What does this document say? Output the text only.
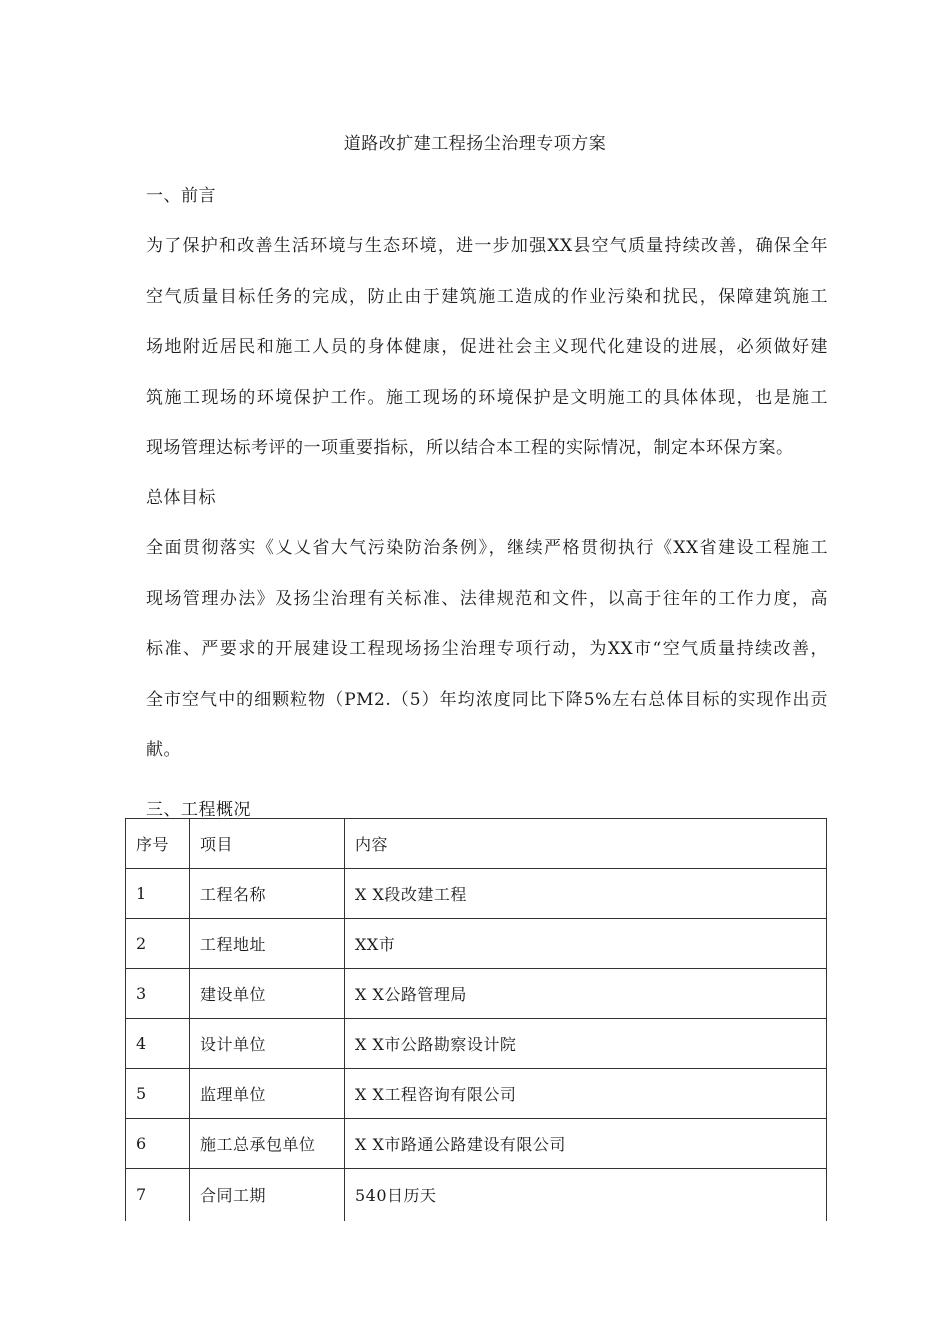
道路改扩建工程扬尘治理专项方案
一、前言
为了保护和改善生活环境与生态环境，进一步加强XX县空气质量持续改善，确保全年
空气质量目标任务的完成，防止由于建筑施工造成的作业污染和扰民，保障建筑施工
场地附近居民和施工人员的身体健康，促进社会主义现代化建设的进展，必须做好建
筑施工现场的环境保护工作。施工现场的环境保护是文明施工的具体体现，也是施工
现场管理达标考评的一项重要指标，所以结合本工程的实际情况，制定本环保方案。
总体目标
全面贯彻落实《乂乂省大气污染防治条例》，继续严格贯彻执行《XX省建设工程施工
现场管理办法》及扬尘治理有关标准、法律规范和文件，以高于往年的工作力度，高
标准、严要求的开展建设工程现场扬尘治理专项行动，为XX市“空气质量持续改善，
全市空气中的细颗粒物（PM2.（5）年均浓度同比下降5%左右总体目标的实现作出贡
献。
三、工程概况
序号	项目	内容
1	工程名称	X X段改建工程
2	工程地址	XX市
3	建设单位	X X公路管理局
4	设计单位	X X市公路勘察设计院
5	监理单位	X X工程咨询有限公司
6	施工总承包单位	X X市路通公路建设有限公司
7	合同工期	540日历天
